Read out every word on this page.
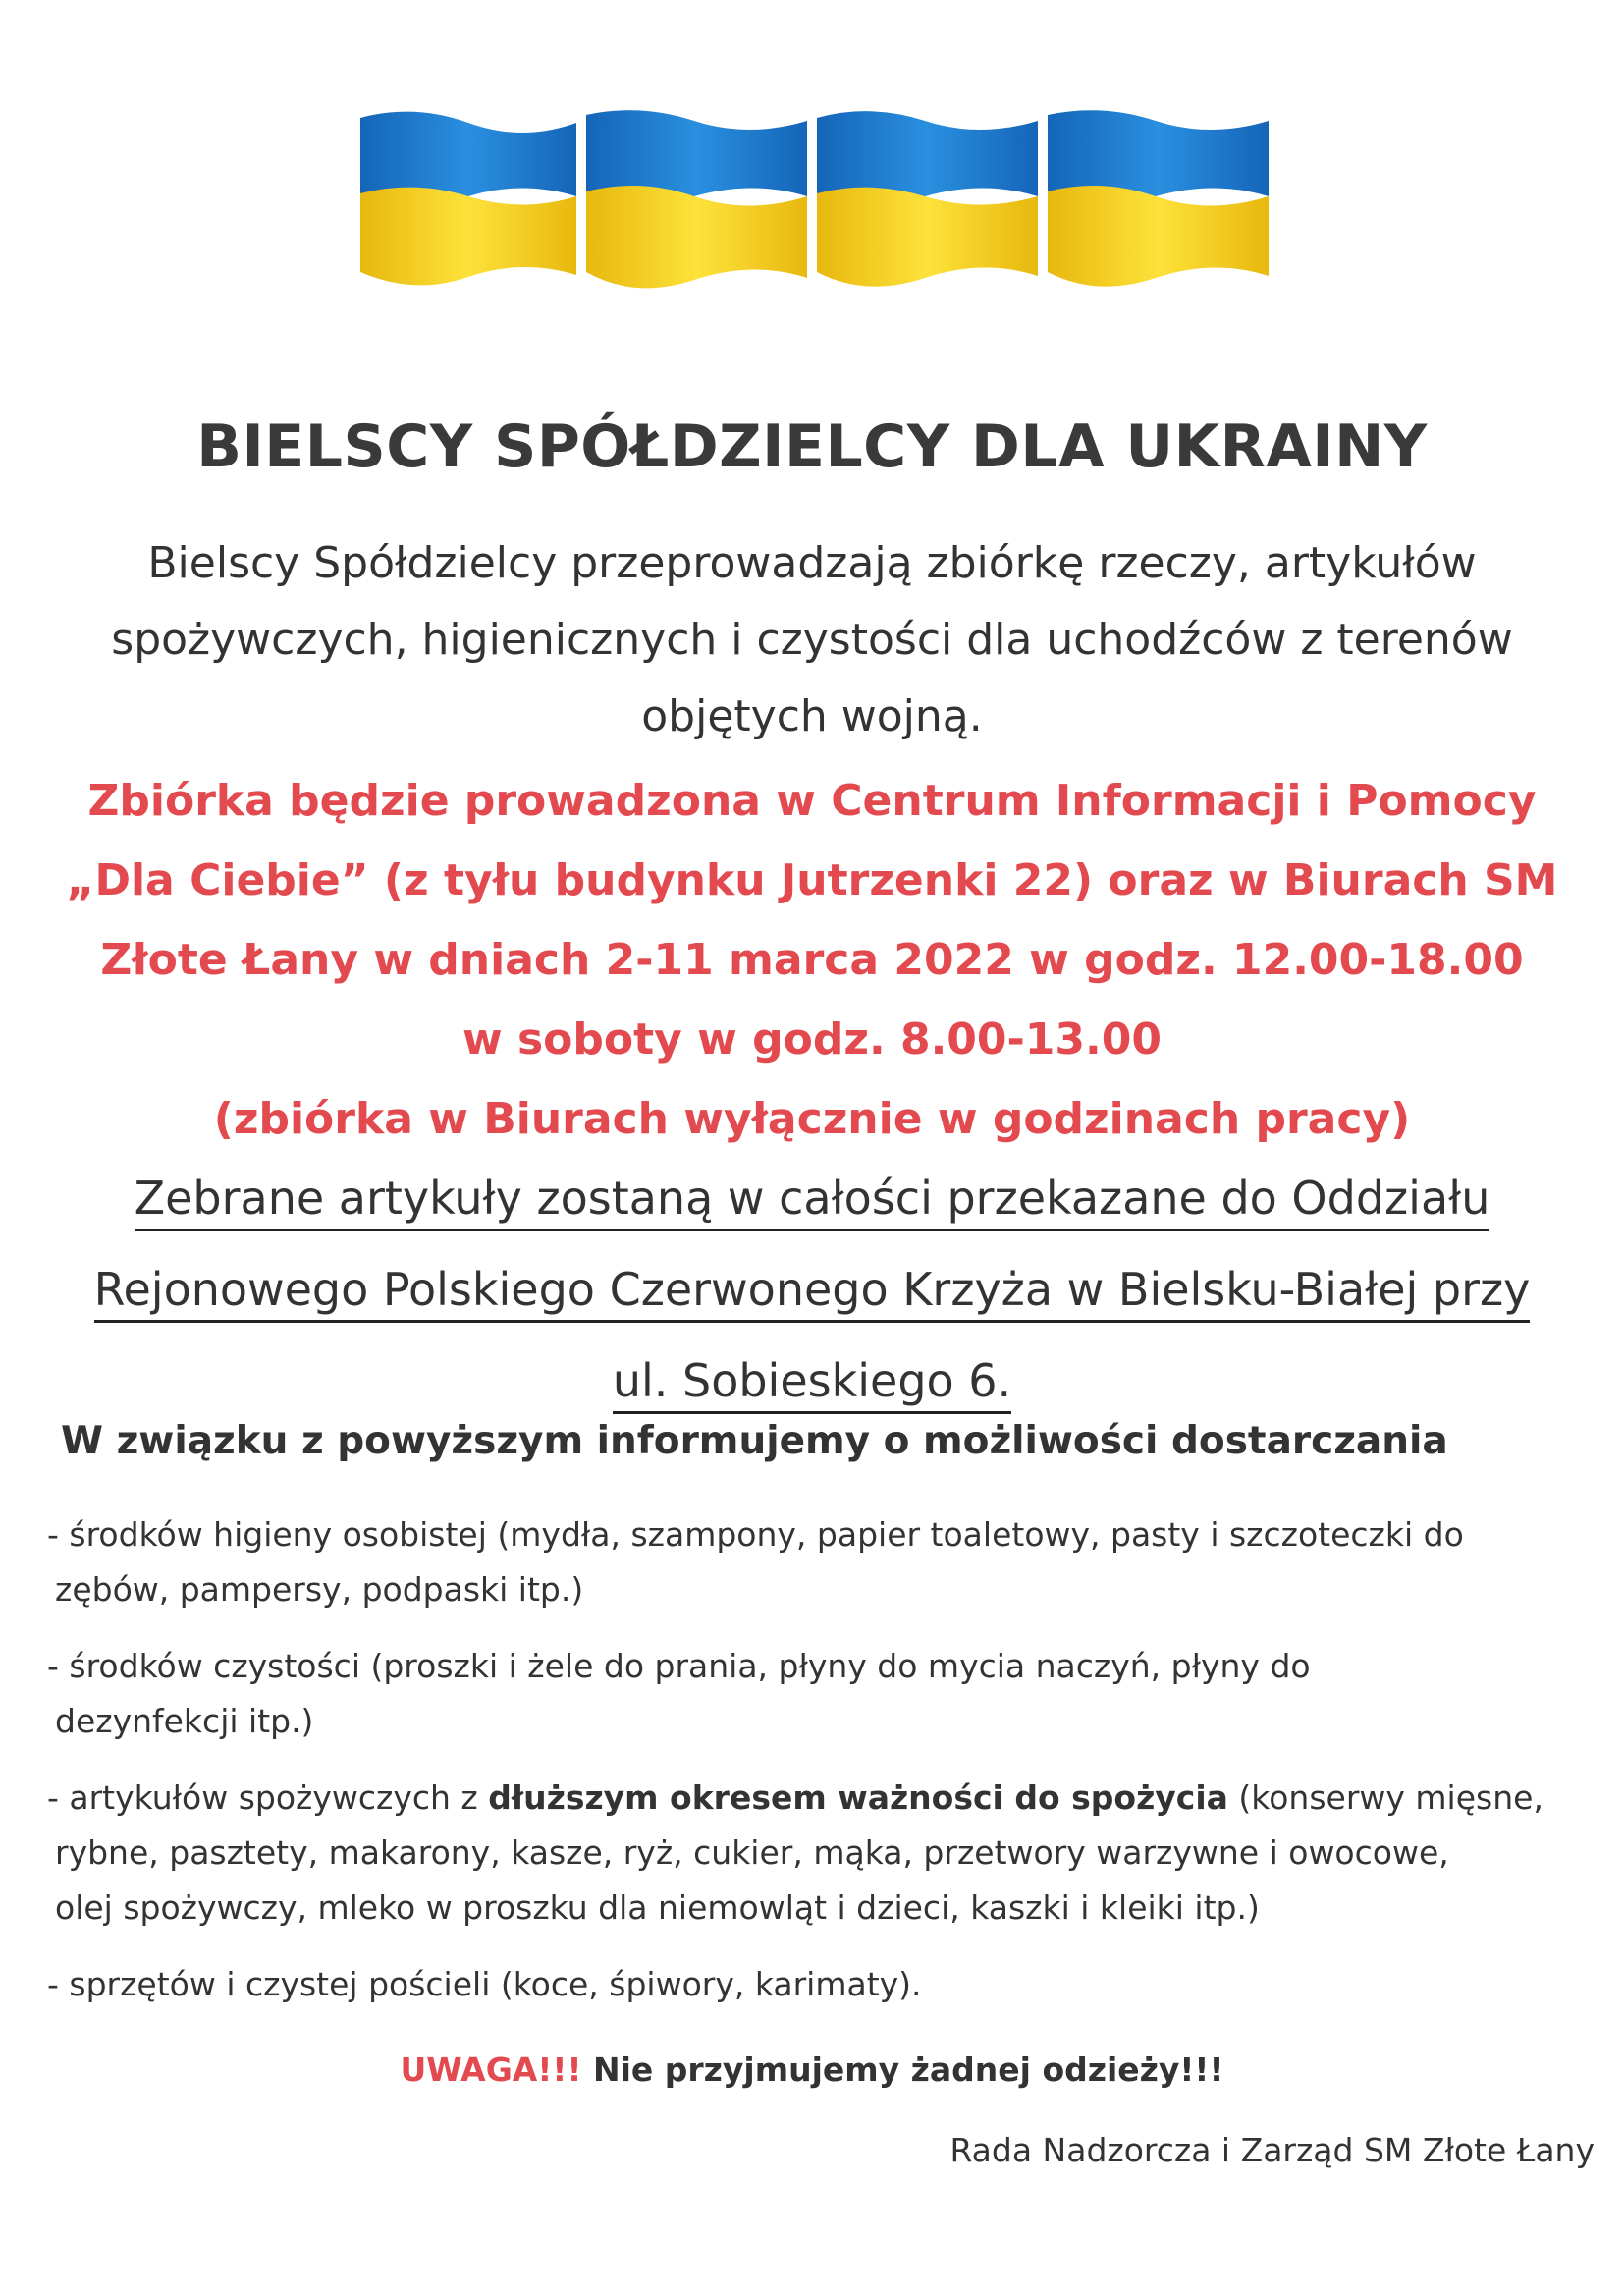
BIELSCY SPÓŁDZIELCY DLA UKRAINY
Bielscy Spółdzielcy przeprowadzają zbiórkę rzeczy, artykułów
spożywczych, higienicznych i czystości dla uchodźców z terenów
objętych wojną.
Zbiórka będzie prowadzona w Centrum Informacji i Pomocy
„Dla Ciebie” (z tyłu budynku Jutrzenki 22) oraz w Biurach SM
Złote Łany w dniach 2-11 marca 2022 w godz. 12.00-18.00
w soboty w godz. 8.00-13.00
(zbiórka w Biurach wyłącznie w godzinach pracy)
Zebrane artykuły zostaną w całości przekazane do Oddziału
Rejonowego Polskiego Czerwonego Krzyża w Bielsku-Białej przy
ul. Sobieskiego 6.
W związku z powyższym informujemy o możliwości dostarczania
- środków higieny osobistej (mydła, szampony, papier toaletowy, pasty i szczoteczki do
zębów, pampersy, podpaski itp.)
- środków czystości (proszki i żele do prania, płyny do mycia naczyń, płyny do
dezynfekcji itp.)
- artykułów spożywczych z dłuższym okresem ważności do spożycia (konserwy mięsne,
rybne, pasztety, makarony, kasze, ryż, cukier, mąka, przetwory warzywne i owocowe,
olej spożywczy, mleko w proszku dla niemowląt i dzieci, kaszki i kleiki itp.)
- sprzętów i czystej pościeli (koce, śpiwory, karimaty).
UWAGA!!! Nie przyjmujemy żadnej odzieży!!!
Rada Nadzorcza i Zarząd SM Złote Łany
